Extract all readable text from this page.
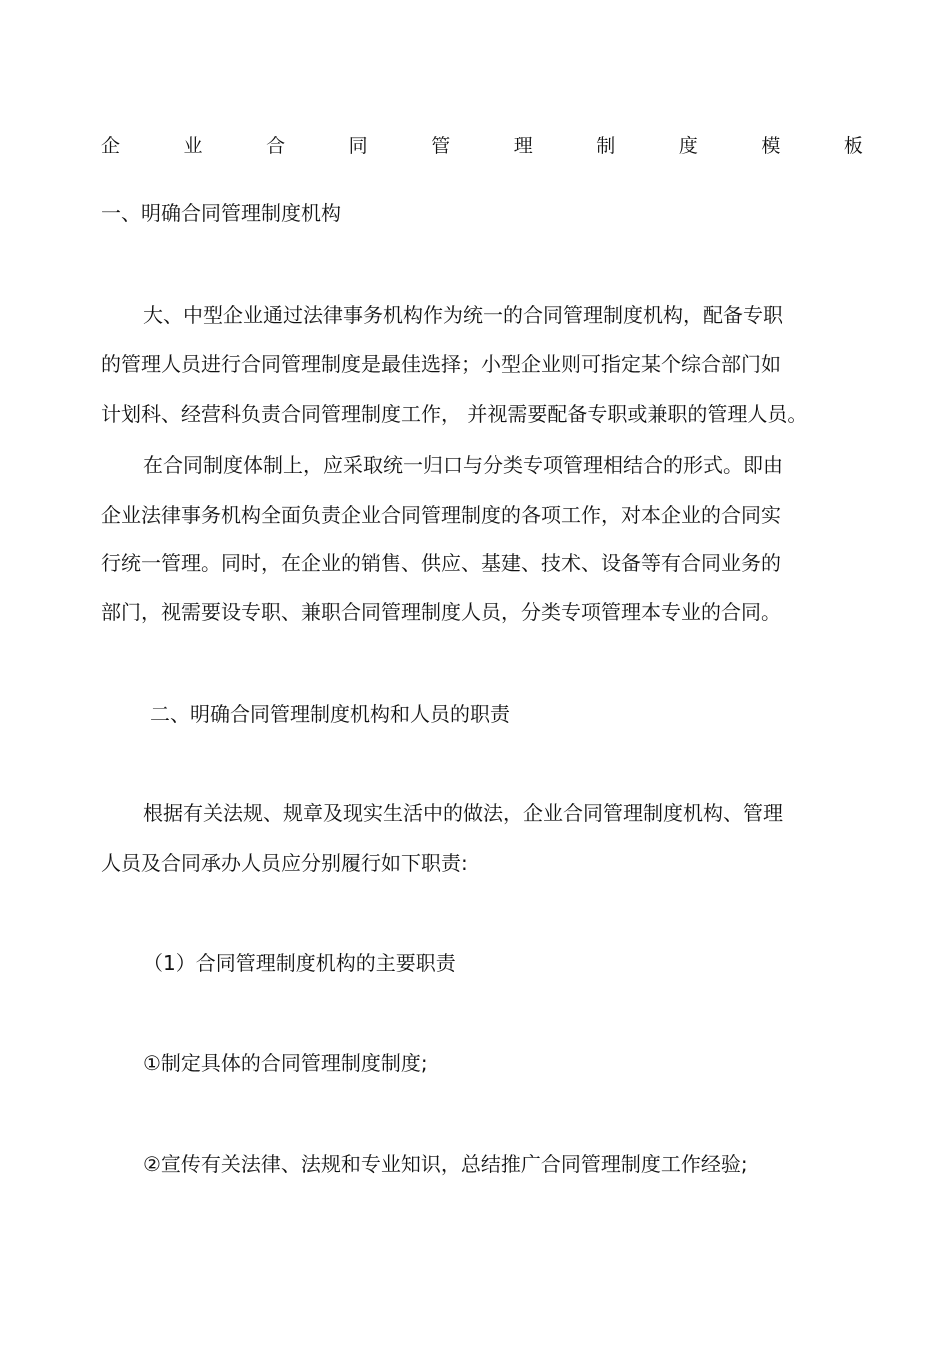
企	业	合	同	管	理	制	度	模	板
一、明确合同管理制度机构
大、中型企业通过法律事务机构作为统一的合同管理制度机构，配备专职
的管理人员进行合同管理制度是最佳选择；小型企业则可指定某个综合部门如
计划科、经营科负责合同管理制度工作， 并视需要配备专职或兼职的管理人员。
在合同制度体制上，应采取统一归口与分类专项管理相结合的形式。即由
企业法律事务机构全面负责企业合同管理制度的各项工作，对本企业的合同实
行统一管理。同时，在企业的销售、供应、基建、技术、设备等有合同业务的
部门，视需要设专职、兼职合同管理制度人员，分类专项管理本专业的合同。
二、明确合同管理制度机构和人员的职责
根据有关法规、规章及现实生活中的做法，企业合同管理制度机构、管理
人员及合同承办人员应分别履行如下职责:
（1）合同管理制度机构的主要职责
①制定具体的合同管理制度制度;
②宣传有关法律、法规和专业知识，总结推广合同管理制度工作经验;
